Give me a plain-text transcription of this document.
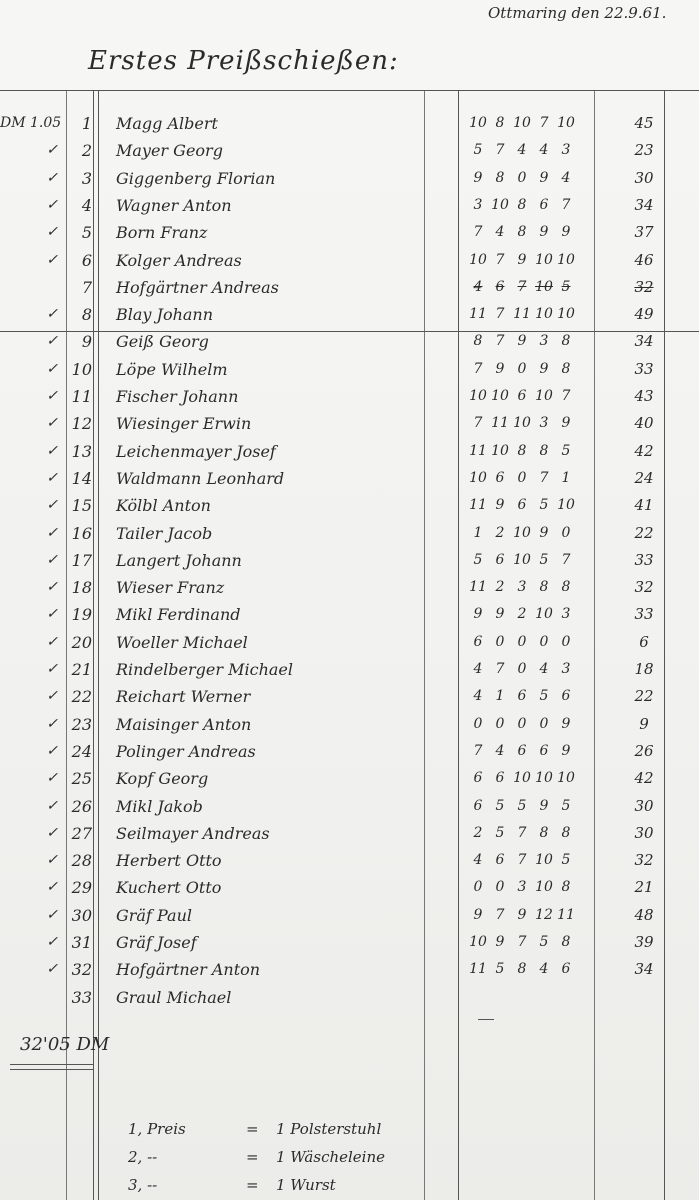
Ottmaring den 22.9.61.
Erstes Preißschießen:
DM 1.05	1 Magg Albert	10 8 10 7 10	45
✓	2 Mayer Georg	5 7 4 4 3	23
✓	3 Giggenberg Florian	9 8 0 9 4	30
✓	4 Wagner Anton	3 10 8 6 7	34
✓	5 Born Franz	7 4 8 9 9	37
✓	6 Kolger Andreas	10 7 9 10 10	46
7 Hofgärtner Andreas	4 6 7 10 5	32
✓	8 Blay Johann	11 7 11 10 10	49
✓	9 Geiß Georg	8 7 9 3 8	34
✓ 10 Löpe Wilhelm	7 9 0 9 8	33
✓ 11 Fischer Johann	10 10 6 10 7	43
✓ 12 Wiesinger Erwin	7 11 10 3 9	40
✓ 13 Leichenmayer Josef	11 10 8 8 5	42
✓ 14 Waldmann Leonhard	10 6 0 7 1	24
✓ 15 Kölbl Anton	11 9 6 5 10	41
✓ 16 Tailer Jacob	1 2 10 9 0	22
✓ 17 Langert Johann	5 6 10 5 7	33
✓ 18 Wieser Franz	11 2 3 8 8	32
✓ 19 Mikl Ferdinand	9 9 2 10 3	33
✓ 20 Woeller Michael	6 0 0 0 0	6
✓ 21 Rindelberger Michael	4 7 0 4 3	18
✓ 22 Reichart Werner	4 1 6 5 6	22
✓ 23 Maisinger Anton	0 0 0 0 9	9
✓ 24 Polinger Andreas	7 4 6 6 9	26
✓ 25 Kopf Georg	6 6 10 10 10	42
✓ 26 Mikl Jakob	6 5 5 9 5	30
✓ 27 Seilmayer Andreas	2 5 7 8 8	30
✓ 28 Herbert Otto	4 6 7 10 5	32
✓ 29 Kuchert Otto	0 0 3 10 8	21
✓ 30 Gräf Paul	9 7 9 12 11	48
✓ 31 Gräf Josef	10 9 7 5 8	39
✓ 32 Hofgärtner Anton	11 5 8 4 6	34
33 Graul Michael
32'05 DM
1, Preis	= 1 Polsterstuhl
2, --	= 1 Wäscheleine
3, --	= 1 Wurst
